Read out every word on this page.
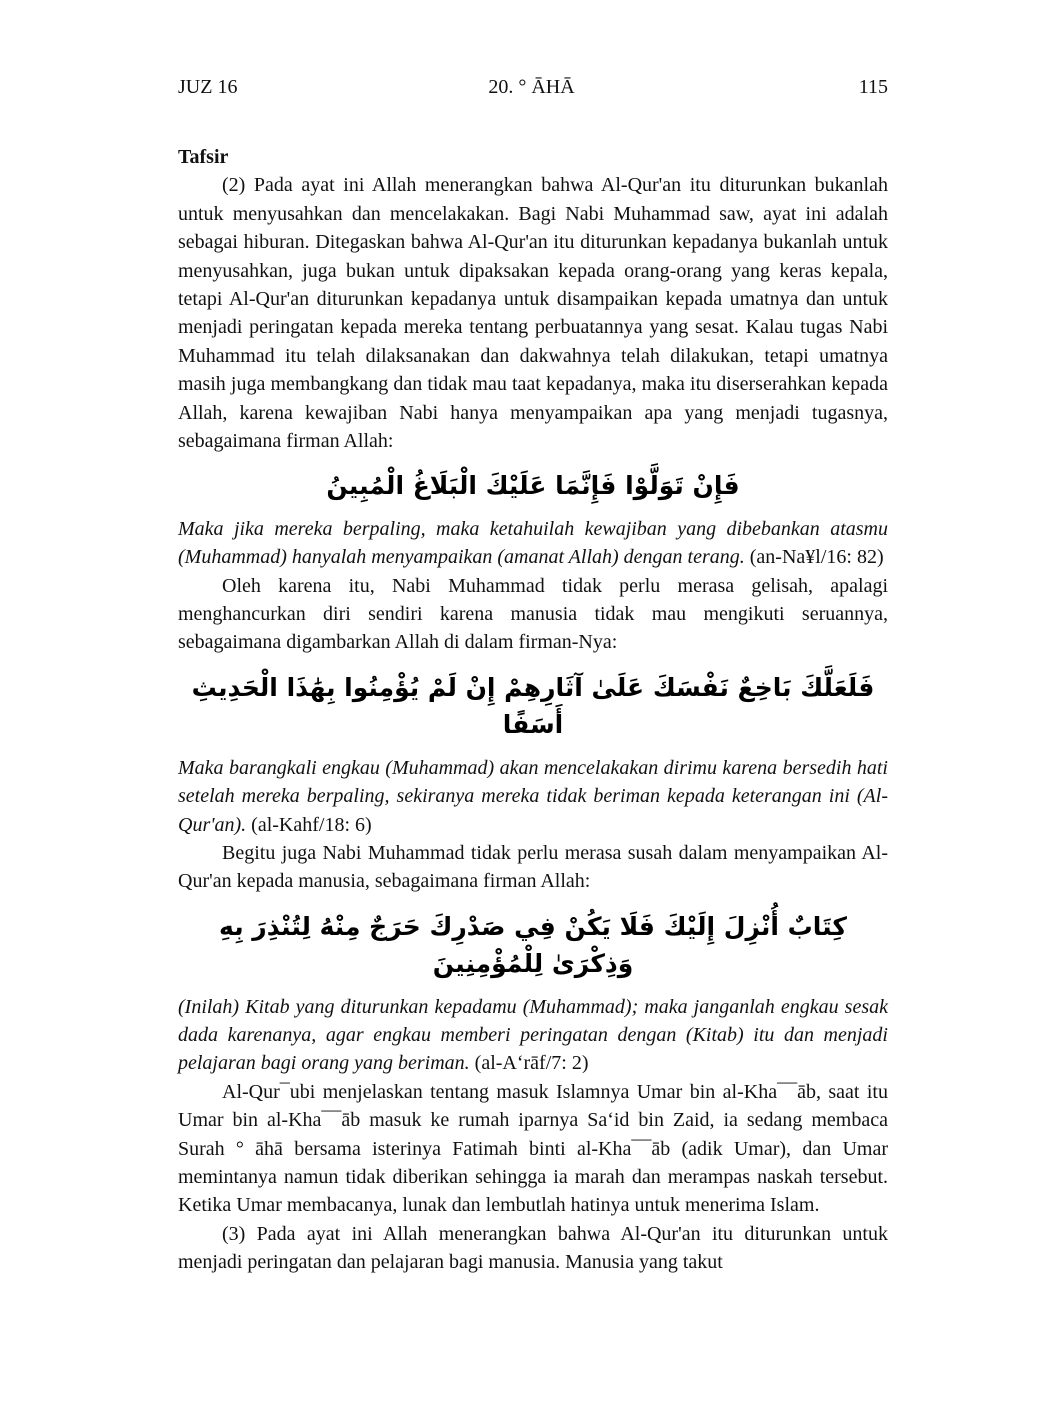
JUZ 16	20. ° ĀHĀ	115
Tafsir

(2) Pada ayat ini Allah menerangkan bahwa Al-Qur'an itu diturunkan bukanlah untuk menyusahkan dan mencelakakan. Bagi Nabi Muhammad saw, ayat ini adalah sebagai hiburan. Ditegaskan bahwa Al-Qur'an itu diturunkan kepadanya bukanlah untuk menyusahkan, juga bukan untuk dipaksakan kepada orang-orang yang keras kepala, tetapi Al-Qur'an diturunkan kepadanya untuk disampaikan kepada umatnya dan untuk menjadi peringatan kepada mereka tentang perbuatannya yang sesat. Kalau tugas Nabi Muhammad itu telah dilaksanakan dan dakwahnya telah dilakukan, tetapi umatnya masih juga membangkang dan tidak mau taat kepadanya, maka itu diserserahkan kepada Allah, karena kewajiban Nabi hanya menyampaikan apa yang menjadi tugasnya, sebagaimana firman Allah:

فَإِنْ تَوَلَّوْا فَإِنَّمَا عَلَيْكَ الْبَلَاغُ الْمُبِينُ

Maka jika mereka berpaling, maka ketahuilah kewajiban yang dibebankan atasmu (Muhammad) hanyalah menyampaikan (amanat Allah) dengan terang. (an-Na¥l/16: 82)

Oleh karena itu, Nabi Muhammad tidak perlu merasa gelisah, apalagi menghancurkan diri sendiri karena manusia tidak mau mengikuti seruannya, sebagaimana digambarkan Allah di dalam firman-Nya:

فَلَعَلَّكَ بَاخِعٌ نَفْسَكَ عَلَىٰ آثَارِهِمْ إِنْ لَمْ يُؤْمِنُوا بِهَٰذَا الْحَدِيثِ أَسَفًا

Maka barangkali engkau (Muhammad) akan mencelakakan dirimu karena bersedih hati setelah mereka berpaling, sekiranya mereka tidak beriman kepada keterangan ini (Al-Qur'an). (al-Kahf/18: 6)

Begitu juga Nabi Muhammad tidak perlu merasa susah dalam menyampaikan Al-Qur'an kepada manusia, sebagaimana firman Allah:

كِتَابٌ أُنْزِلَ إِلَيْكَ فَلَا يَكُنْ فِي صَدْرِكَ حَرَجٌ مِنْهُ لِتُنْذِرَ بِهِ وَذِكْرَىٰ لِلْمُؤْمِنِينَ

(Inilah) Kitab yang diturunkan kepadamu (Muhammad); maka janganlah engkau sesak dada karenanya, agar engkau memberi peringatan dengan (Kitab) itu dan menjadi pelajaran bagi orang yang beriman. (al-A‘rāf/7: 2)

Al-Qur¯ubi menjelaskan tentang masuk Islamnya Umar bin al-Kha¯¯āb, saat itu Umar bin al-Kha¯¯āb masuk ke rumah iparnya Sa‘id bin Zaid, ia sedang membaca Surah ° āhā bersama isterinya Fatimah binti al-Kha¯¯āb (adik Umar), dan Umar memintanya namun tidak diberikan sehingga ia marah dan merampas naskah tersebut. Ketika Umar membacanya, lunak dan lembutlah hatinya untuk menerima Islam.

(3) Pada ayat ini Allah menerangkan bahwa Al-Qur'an itu diturunkan untuk menjadi peringatan dan pelajaran bagi manusia. Manusia yang takut
